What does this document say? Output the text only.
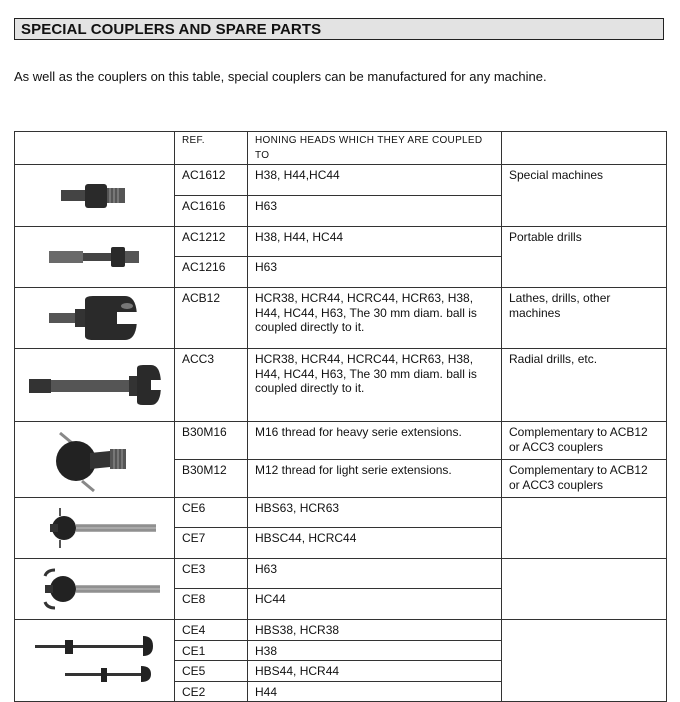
SPECIAL COUPLERS AND SPARE PARTS
As well as the couplers on this table, special couplers can be manufactured for any machine.
	REF.	HONING HEADS WHICH THEY ARE COUPLED TO	

	AC1612	H38, H44,HC44	Special machines
	AC1616	H63	

	AC1212	H38, H44, HC44	Portable drills
	AC1216	H63	

	ACB12	HCR38, HCR44, HCRC44, HCR63, H38, H44, HC44, H63, The 30 mm diam. ball is coupled directly to it.	Lathes, drills, other machines

	ACC3	HCR38, HCR44, HCRC44, HCR63, H38, H44, HC44, H63, The 30 mm diam. ball is coupled directly to it.	Radial drills, etc.

	B30M16	M16 thread for heavy serie extensions.	Complementary to ACB12 or ACC3 couplers
	B30M12	M12 thread for light serie extensions.	Complementary to ACB12 or ACC3 couplers

	CE6	HBS63, HCR63	
	CE7	HBSC44, HCRC44	

	CE3	H63	
	CE8	HC44	

	CE4	HBS38, HCR38	
	CE1	H38	
	CE5	HBS44, HCR44	
	CE2	H44	
